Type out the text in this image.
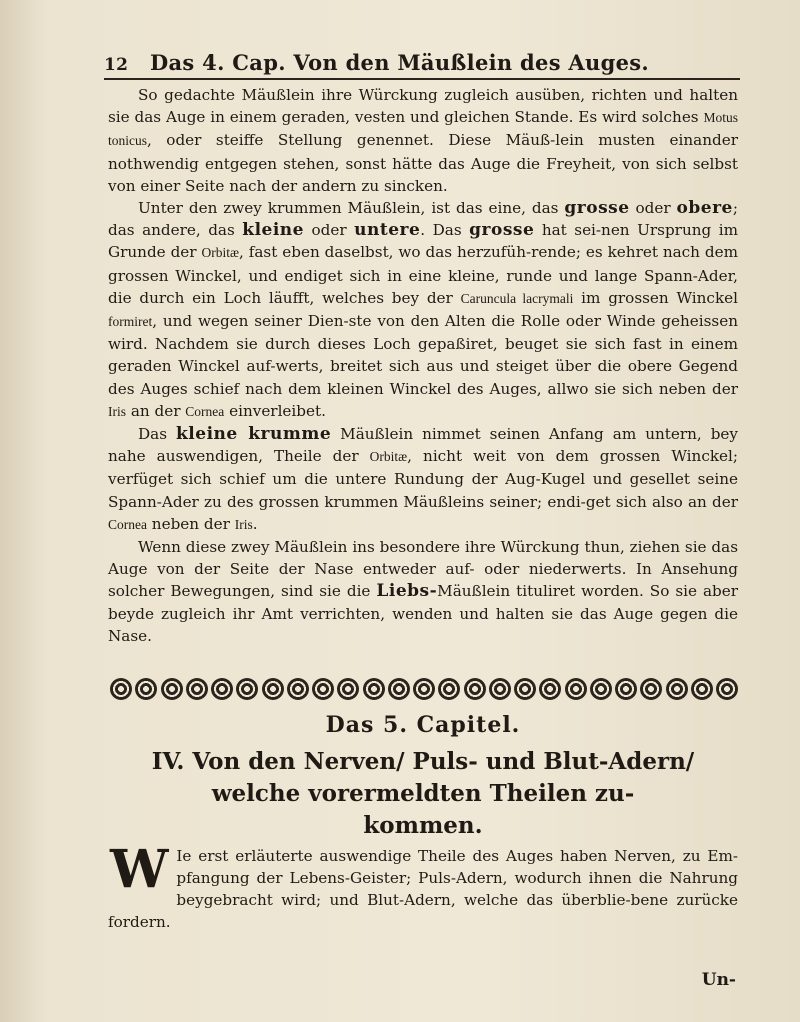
12 Das 4. Cap. Von den Mäußlein des Auges.

So gedachte Mäußlein ihre Würckung zugleich ausüben, richten und halten sie das Auge in einem geraden, vesten und gleichen Stande. Es wird solches Motus tonicus, oder steiffe Stellung genennet. Diese Mäuß-lein musten einander nothwendig entgegen stehen, sonst hätte das Auge die Freyheit, von sich selbst von einer Seite nach der andern zu sincken.

Unter den zwey krummen Mäußlein, ist das eine, das grosse oder obere; das andere, das kleine oder untere. Das grosse hat sei-nen Ursprung im Grunde der Orbitæ, fast eben daselbst, wo das herzufüh-rende; es kehret nach dem grossen Winckel, und endiget sich in eine kleine, runde und lange Spann-Ader, die durch ein Loch läufft, welches bey der Caruncula lacrymali im grossen Winckel formiret, und wegen seiner Dien-ste von den Alten die Rolle oder Winde geheissen wird. Nachdem sie durch dieses Loch gepaßiret, beuget sie sich fast in einem geraden Winckel auf-werts, breitet sich aus und steiget über die obere Gegend des Auges schief nach dem kleinen Winckel des Auges, allwo sie sich neben der Iris an der Cornea einverleibet.

Das kleine krumme Mäußlein nimmet seinen Anfang am untern, bey nahe auswendigen, Theile der Orbitæ, nicht weit von dem grossen Winckel; verfüget sich schief um die untere Rundung der Aug-Kugel und gesellet seine Spann-Ader zu des grossen krummen Mäußleins seiner; endi-get sich also an der Cornea neben der Iris.

Wenn diese zwey Mäußlein ins besondere ihre Würckung thun, ziehen sie das Auge von der Seite der Nase entweder auf- oder niederwerts. In Ansehung solcher Bewegungen, sind sie die Liebs-Mäußlein tituliret worden. So sie aber beyde zugleich ihr Amt verrichten, wenden und halten sie das Auge gegen die Nase.

Das 5. Capitel.
IV. Von den Nerven/ Puls- und Blut-Adern/
welche vorermeldten Theilen zu-
kommen.
W Ie erst erläuterte auswendige Theile des Auges haben Nerven, zu Em-pfangung der Lebens-Geister; Puls-Adern, wodurch ihnen die Nahrung beygebracht wird; und Blut-Adern, welche das überblie-bene zurücke fordern.
Un-
